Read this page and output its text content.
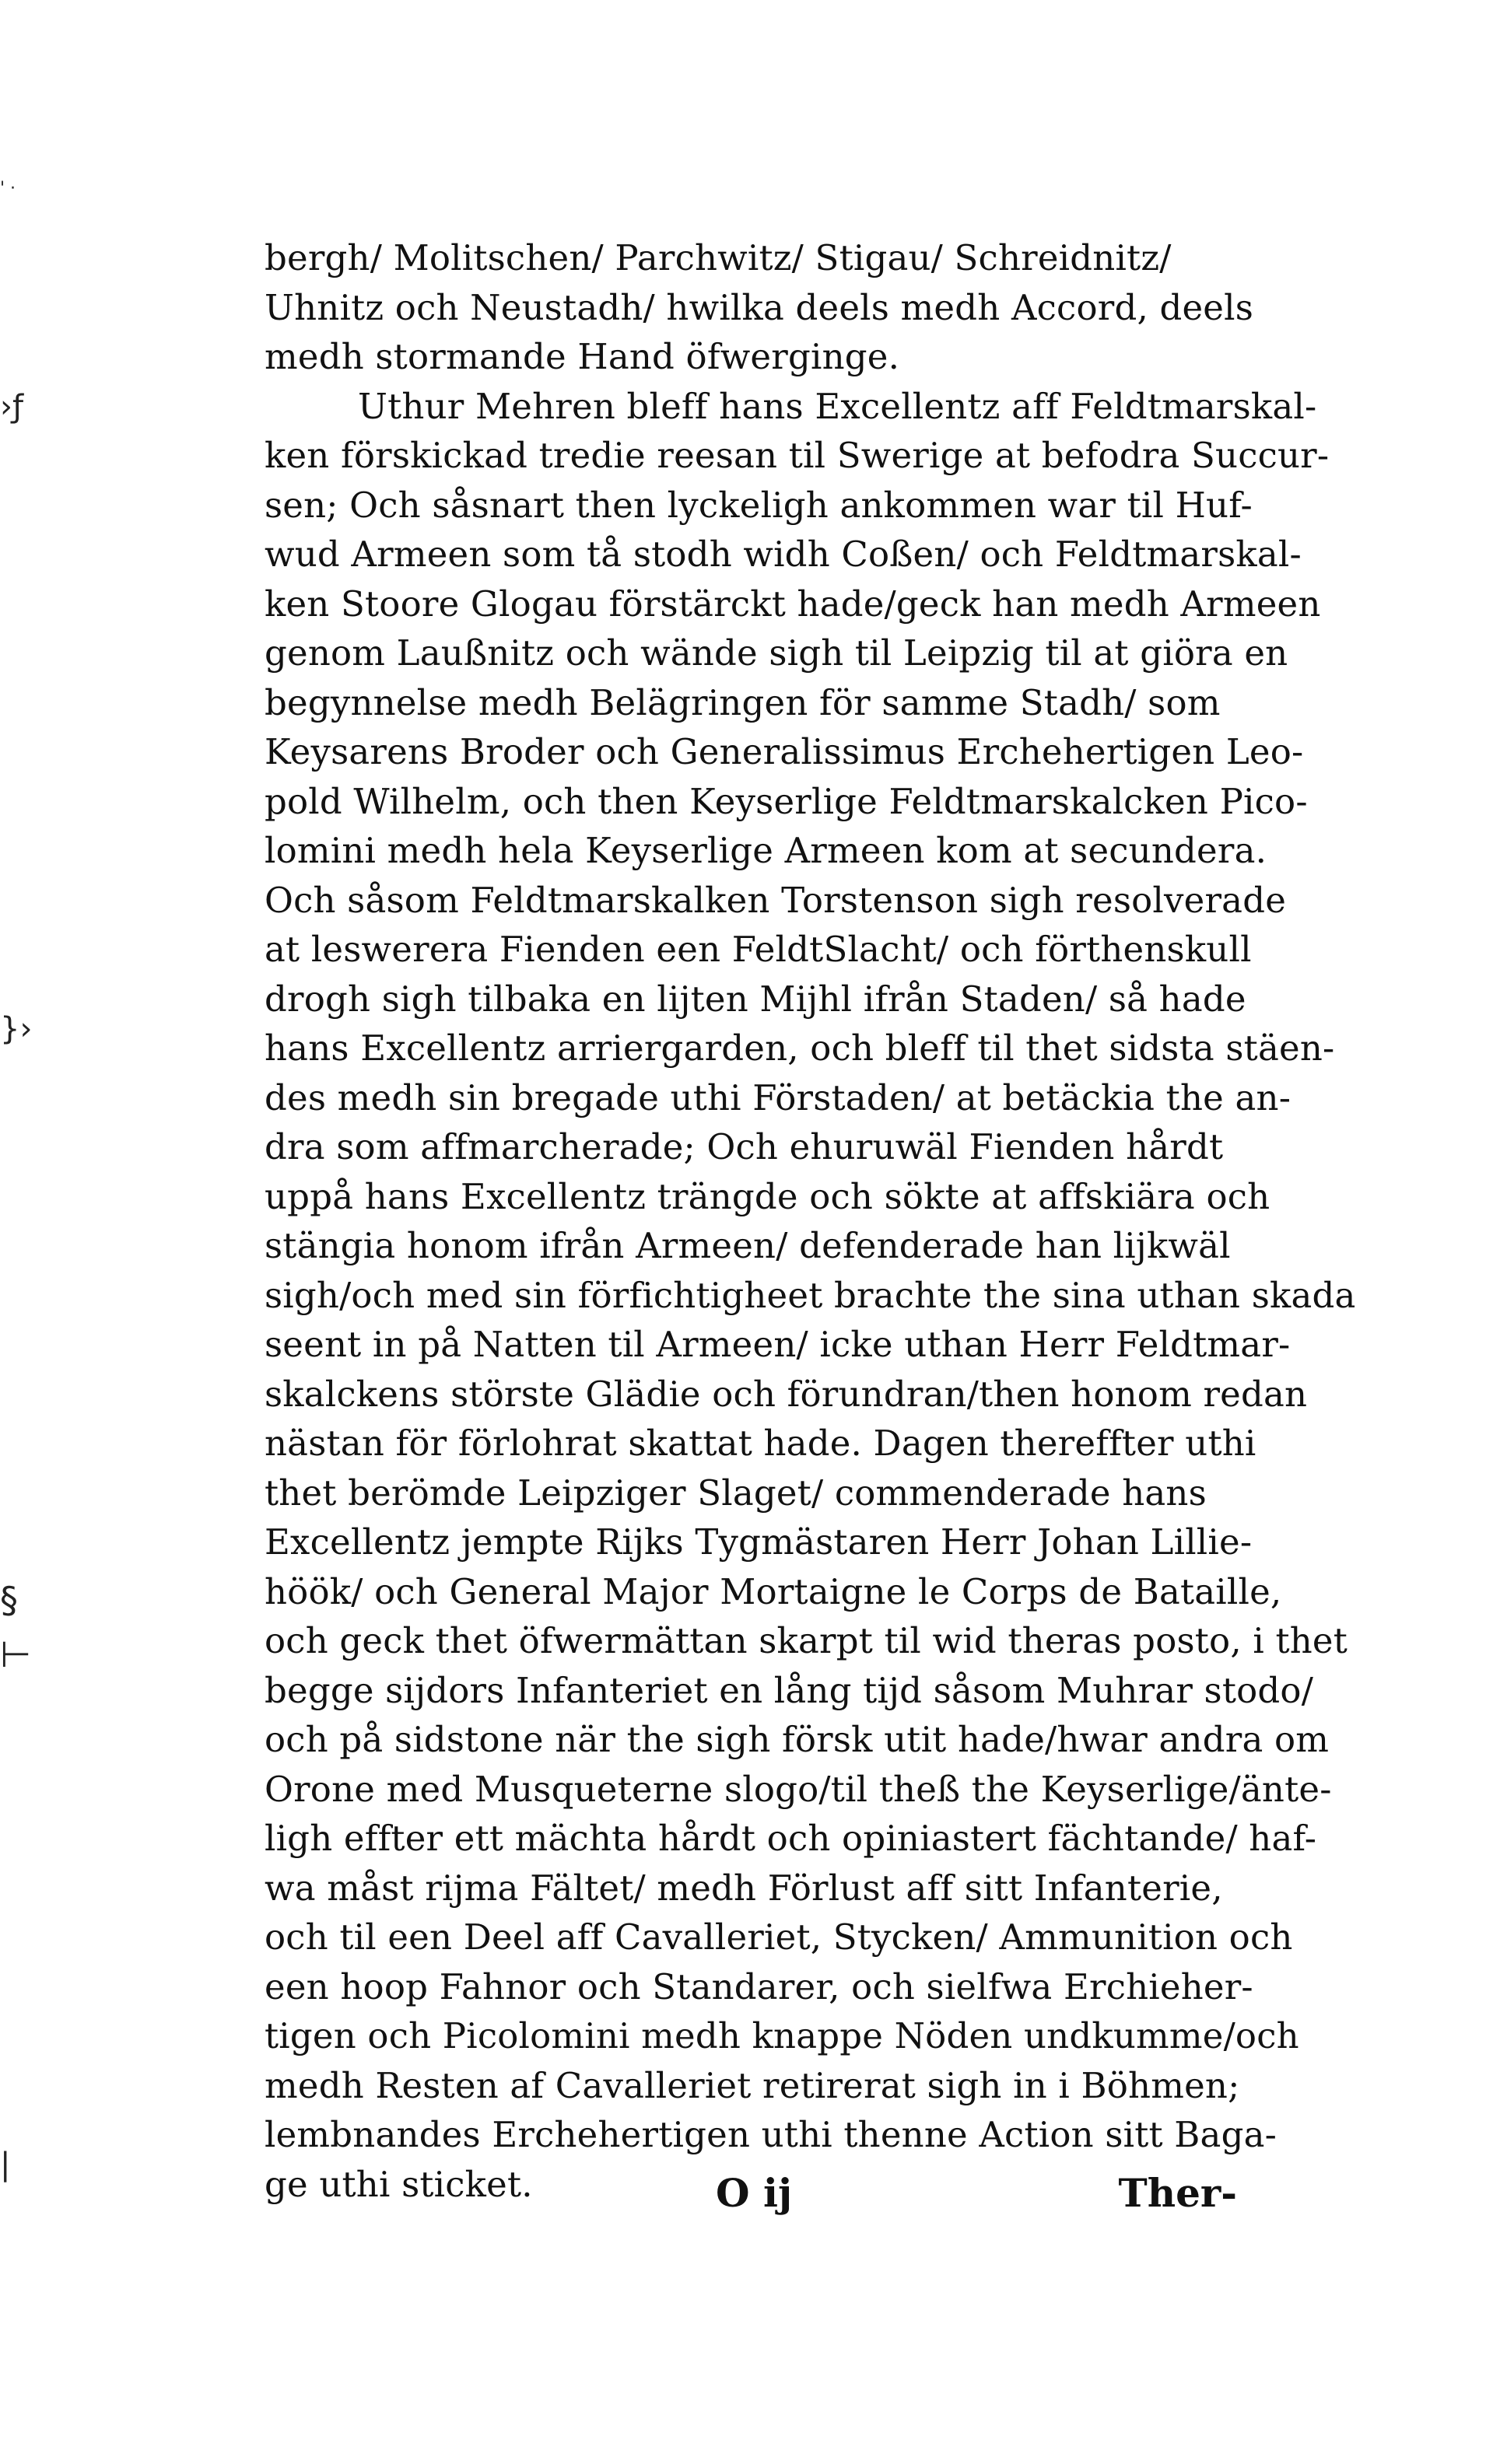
' ·
›ƒ
}›
§
⊢
|
bergh/ Molitschen/ Parchwitz/ Stigau/ Schreidnitz/
Uhnitz och Neustadh/ hwilka deels medh Accord, deels
medh stormande Hand öfwerginge.
Uthur Mehren bleff hans Excellentz aff Feldtmarskal-
ken förskickad tredie reesan til Swerige at befodra Succur-
sen; Och såsnart then lyckeligh ankommen war til Huf-
wud Armeen som tå stodh widh Coßen/ och Feldtmarskal-
ken Stoore Glogau förstärckt hade/geck han medh Armeen
genom Laußnitz och wände sigh til Leipzig til at giöra en
begynnelse medh Belägringen för samme Stadh/ som
Keysarens Broder och Generalissimus Erchehertigen Leo-
pold Wilhelm, och then Keyserlige Feldtmarskalcken Pico-
lomini medh hela Keyserlige Armeen kom at secundera.
Och såsom Feldtmarskalken Torstenson sigh resolverade
at leswerera Fienden een FeldtSlacht/ och förthenskull
drogh sigh tilbaka en lijten Mijhl ifrån Staden/ så hade
hans Excellentz arriergarden, och bleff til thet sidsta stäen-
des medh sin bregade uthi Förstaden/ at betäckia the an-
dra som affmarcherade; Och ehuruwäl Fienden hårdt
uppå hans Excellentz trängde och sökte at affskiära och
stängia honom ifrån Armeen/ defenderade han lijkwäl
sigh/och med sin förfichtigheet brachte the sina uthan skada
seent in på Natten til Armeen/ icke uthan Herr Feldtmar-
skalckens störste Glädie och förundran/then honom redan
nästan för förlohrat skattat hade. Dagen thereffter uthi
thet berömde Leipziger Slaget/ commenderade hans
Excellentz jempte Rijks Tygmästaren Herr Johan Lillie-
höök/ och General Major Mortaigne le Corps de Bataille,
och geck thet öfwermättan skarpt til wid theras posto, i thet
begge sijdors Infanteriet en lång tijd såsom Muhrar stodo/
och på sidstone när the sigh försk utit hade/hwar andra om
Orone med Musqueterne slogo/til theß the Keyserlige/änte-
ligh effter ett mächta hårdt och opiniastert fächtande/ haf-
wa måst rijma Fältet/ medh Förlust aff sitt Infanterie,
och til een Deel aff Cavalleriet, Stycken/ Ammunition och
een hoop Fahnor och Standarer, och sielfwa Erchieher-
tigen och Picolomini medh knappe Nöden undkumme/och
medh Resten af Cavalleriet retirerat sigh in i Böhmen;
lembnandes Erchehertigen uthi thenne Action sitt Baga-
ge uthi sticket.	O ij	Ther-
